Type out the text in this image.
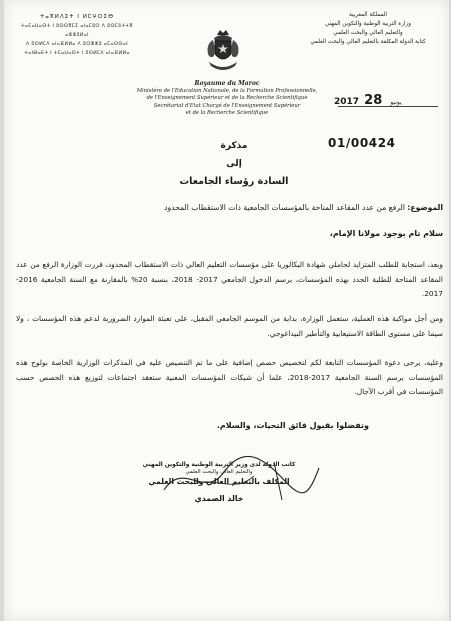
ⵜⴰⴳⵍⴷⵉⵜ ⵏ ⵍⵎⵖⵔⵉⴱ
ⵜⴰⵎⴰⵡⴰⵙⵜ ⵏ ⵓⵙⵙⴳⵎⵉ ⴰⵏⴰⵎⵓⵔ ⴷ ⵓⵙⵎⵓⵜⵜⴳ ⴰⵣⵣⵓⵍⴰⵏ
ⴷ ⵓⵙⵍⵎⴷ ⴰⵏⴰⴼⵍⵍⴰ ⴷ ⵓⵔⵣⵣⵓ ⴰⵎⴰⵙⵙⴰⵏ
ⵜⴰⵏⴱⴰⴹⵜ ⵏ ⵜⵎⴰⵡⴰⵙⵜ ⵏ ⵓⵙⵍⵎⴷ ⴰⵏⴰⴼⵍⵍⴰ
المملكة المغربية
وزارة التربية الوطنية والتكوين المهني
والتعليم العالي والبحث العلمي
كتابة الدولة المكلفة بالتعليم العالي والبحث العلمي
Royaume du Maroc
Ministère de l'Education Nationale, de la Formation Professionnelle,
de l'Enseignement Supérieur et de la Recherche Scientifique
Secrétariat d'Etat Chargé de l'Enseignement Supérieur
et de la Recherche Scientifique
2017	يونيو 28
01/00424
مذكرة
إلى
السادة رؤساء الجامعات
الموضوع: الرفع من عدد المقاعد المتاحة بالمؤسسات الجامعية ذات الاستقطاب المحدود
سلام تام بوجود مولانا الإمام،
وبعد، استجابة للطلب المتزايد لحاملي شهادة البكالوريا على مؤسسات التعليم العالي ذات الاستقطاب المحدود، قررت الوزارة الرفع من عدد المقاعد المتاحة للطلبة الجدد بهذه المؤسسات، برسم الدخول الجامعي 2017- 2018، بنسبة 20% بالمقارنة مع السنة الجامعية 2016-2017.
ومن أجل مواكبة هذه العملية، ستعمل الوزارة، بداية من الموسم الجامعي المقبل، على تعبئة الموارد الضرورية لدعم هذه المؤسسات ، ولا سيما على مستوى الطاقة الاستيعابية والتأطير البيداغوجي.
وعليه، يرجى دعوة المؤسسات التابعة لكم لتخصيص حصص إضافية على ما تم التنصيص عليه في المذكرات الوزارية الخاصة بولوج هذه المؤسسات برسم السنة الجامعية 2017-2018، علما أن شبكات المؤسسات المعنية ستعقد اجتماعات لتوزيع هذه الحصص حسب المؤسسات في أقرب الآجال.
وتفضلوا بقبول فائق التحيات، والسلام.
كاتب الدولة لدى وزير التربية الوطنية والتكوين المهني
والتعليم العالي والبحث العلمي
المكلف بالتعليم العالي والبحث العلمي
خالد الصمدي
